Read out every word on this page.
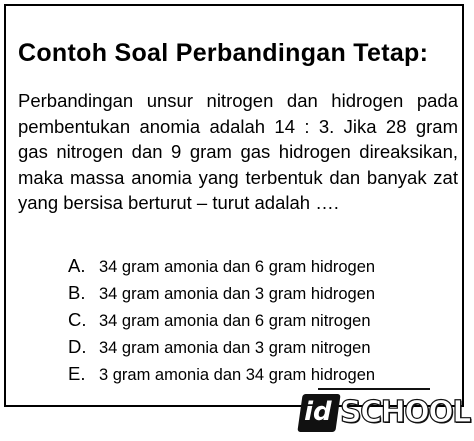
Contoh Soal Perbandingan Tetap:
Perbandingan unsur nitrogen dan hidrogen pada pembentukan anomia adalah 14 : 3. Jika 28 gram gas nitrogen dan 9 gram gas hidrogen direaksikan, maka massa anomia yang terbentuk dan banyak zat yang bersisa berturut – turut adalah ….
A. 34 gram amonia dan 6 gram hidrogen
B. 34 gram amonia dan 3 gram hidrogen
C. 34 gram amonia dan 6 gram nitrogen
D. 34 gram amonia dan 3 gram nitrogen
E. 3 gram amonia dan 34 gram hidrogen
id SCHOOL
